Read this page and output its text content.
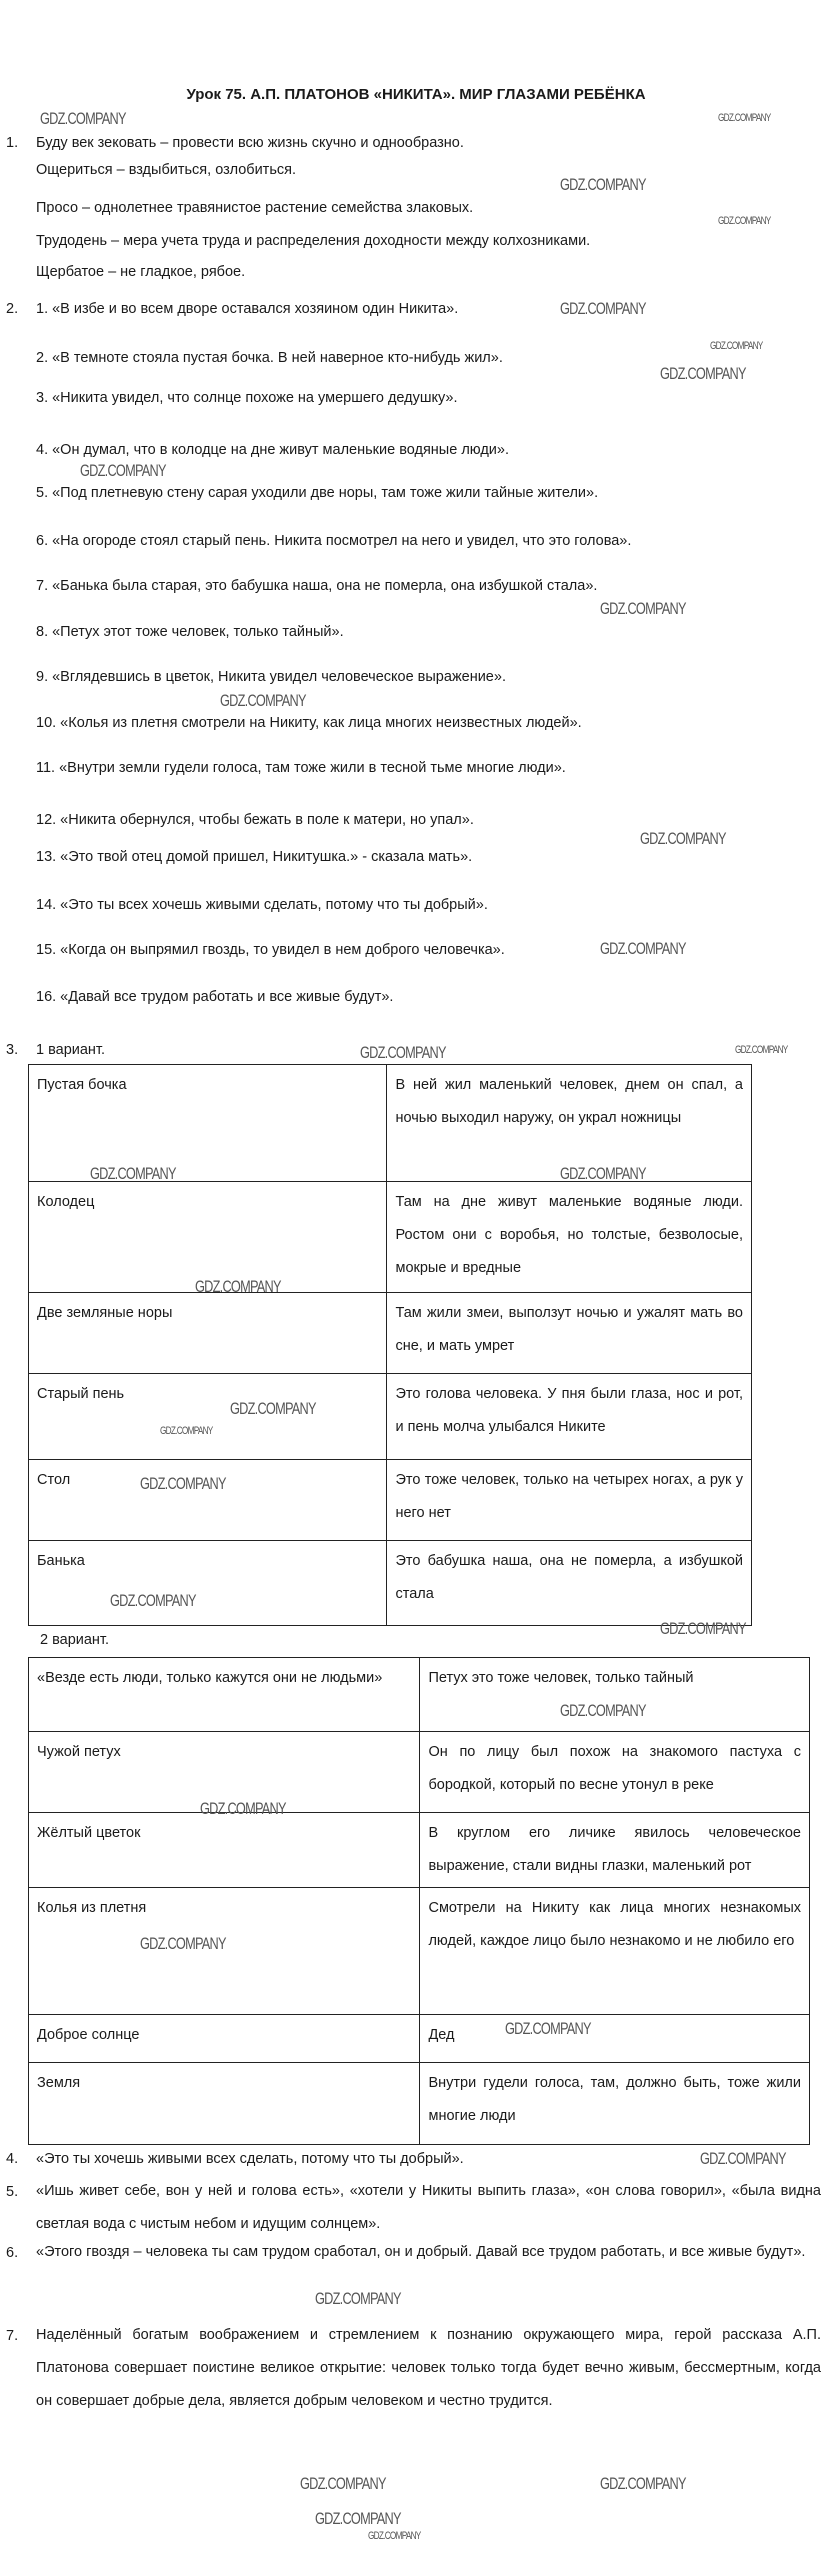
Урок 75. А.П. ПЛАТОНОВ «НИКИТА». МИР ГЛАЗАМИ РЕБЁНКА
1. Буду век зековать – провести всю жизнь скучно и однообразно.
Ощериться – вздыбиться, озлобиться.
Просо – однолетнее травянистое растение семейства злаковых.
Трудодень – мера учета труда и распределения доходности между колхозниками.
Щербатое – не гладкое, рябое.
2. 1. «В избе и во всем дворе оставался хозяином один Никита».
2. «В темноте стояла пустая бочка. В ней наверное кто-нибудь жил».
3. «Никита увидел, что солнце похоже на умершего дедушку».
4. «Он думал, что в колодце на дне живут маленькие водяные люди».
5. «Под плетневую стену сарая уходили две норы, там тоже жили тайные жители».
6. «На огороде стоял старый пень. Никита посмотрел на него и увидел, что это голова».
7. «Банька была старая, это бабушка наша, она не померла, она избушкой стала».
8. «Петух этот тоже человек, только тайный».
9. «Вглядевшись в цветок, Никита увидел человеческое выражение».
10. «Колья из плетня смотрели на Никиту, как лица многих неизвестных людей».
11. «Внутри земли гудели голоса, там тоже жили в тесной тьме многие люди».
12. «Никита обернулся, чтобы бежать в поле к матери, но упал».
13. «Это твой отец домой пришел, Никитушка.» - сказала мать».
14. «Это ты всех хочешь живыми сделать, потому что ты добрый».
15. «Когда он выпрямил гвоздь, то увидел в нем доброго человечка».
16. «Давай все трудом работать и все живые будут».
3. 1 вариант.
Пустая бочка	В ней жил маленький человек, днем он спал, а ночью выходил наружу, он украл ножницы
Колодец	Там на дне живут маленькие водяные люди. Ростом они с воробья, но толстые, безволосые, мокрые и вредные
Две земляные норы	Там жили змеи, выползут ночью и ужалят мать во сне, и мать умрет
Старый пень	Это голова человека. У пня были глаза, нос и рот, и пень молча улыбался Никите
Стол	Это тоже человек, только на четырех ногах, а рук у него нет
Банька	Это бабушка наша, она не померла, а избушкой стала
2 вариант.
«Везде есть люди, только кажутся они не людьми»	Петух это тоже человек, только тайный
Чужой петух	Он по лицу был похож на знакомого пастуха с бородкой, который по весне утонул в реке
Жёлтый цветок	В круглом его личике явилось человеческое выражение, стали видны глазки, маленький рот
Колья из плетня	Смотрели на Никиту как лица многих незнакомых людей, каждое лицо было незнакомо и не любило его
Доброе солнце	Дед
Земля	Внутри гудели голоса, там, должно быть, тоже жили многие люди
4. «Это ты хочешь живыми всех сделать, потому что ты добрый».
5. «Ишь живет себе, вон у ней и голова есть», «хотели у Никиты выпить глаза», «он слова говорил», «была видна светлая вода с чистым небом и идущим солнцем».
6. «Этого гвоздя – человека ты сам трудом сработал, он и добрый. Давай все трудом работать, и все живые будут».
7. Наделённый богатым воображением и стремлением к познанию окружающего мира, герой рассказа А.П. Платонова совершает поистине великое открытие: человек только тогда будет вечно живым, бессмертным, когда он совершает добрые дела, является добрым человеком и честно трудится.
GDZ.COMPANY
GDZ.COMPANY
GDZ.COMPANY
GDZ.COMPANY
GDZ.COMPANY
GDZ.COMPANY
GDZ.COMPANY
GDZ.COMPANY
GDZ.COMPANY
GDZ.COMPANY
GDZ.COMPANY	GDZ.COMPANY
GDZ.COMPANY
GDZ.COMPANY
GDZ.COMPANY
GDZ.COMPANY
GDZ.COMPANY
GDZ.COMPANY
GDZ.COMPANY
GDZ.COMPANY
GDZ.COMPANY
GDZ.COMPANY
GDZ.COMPANY
GDZ.COMPANY
GDZ.COMPANY
GDZ.COMPANY
GDZ.COMPANY
GDZ.COMPANY
GDZ.COMPANY
GDZ.COMPANY
GDZ.COMPANY
GDZ.COMPANY
